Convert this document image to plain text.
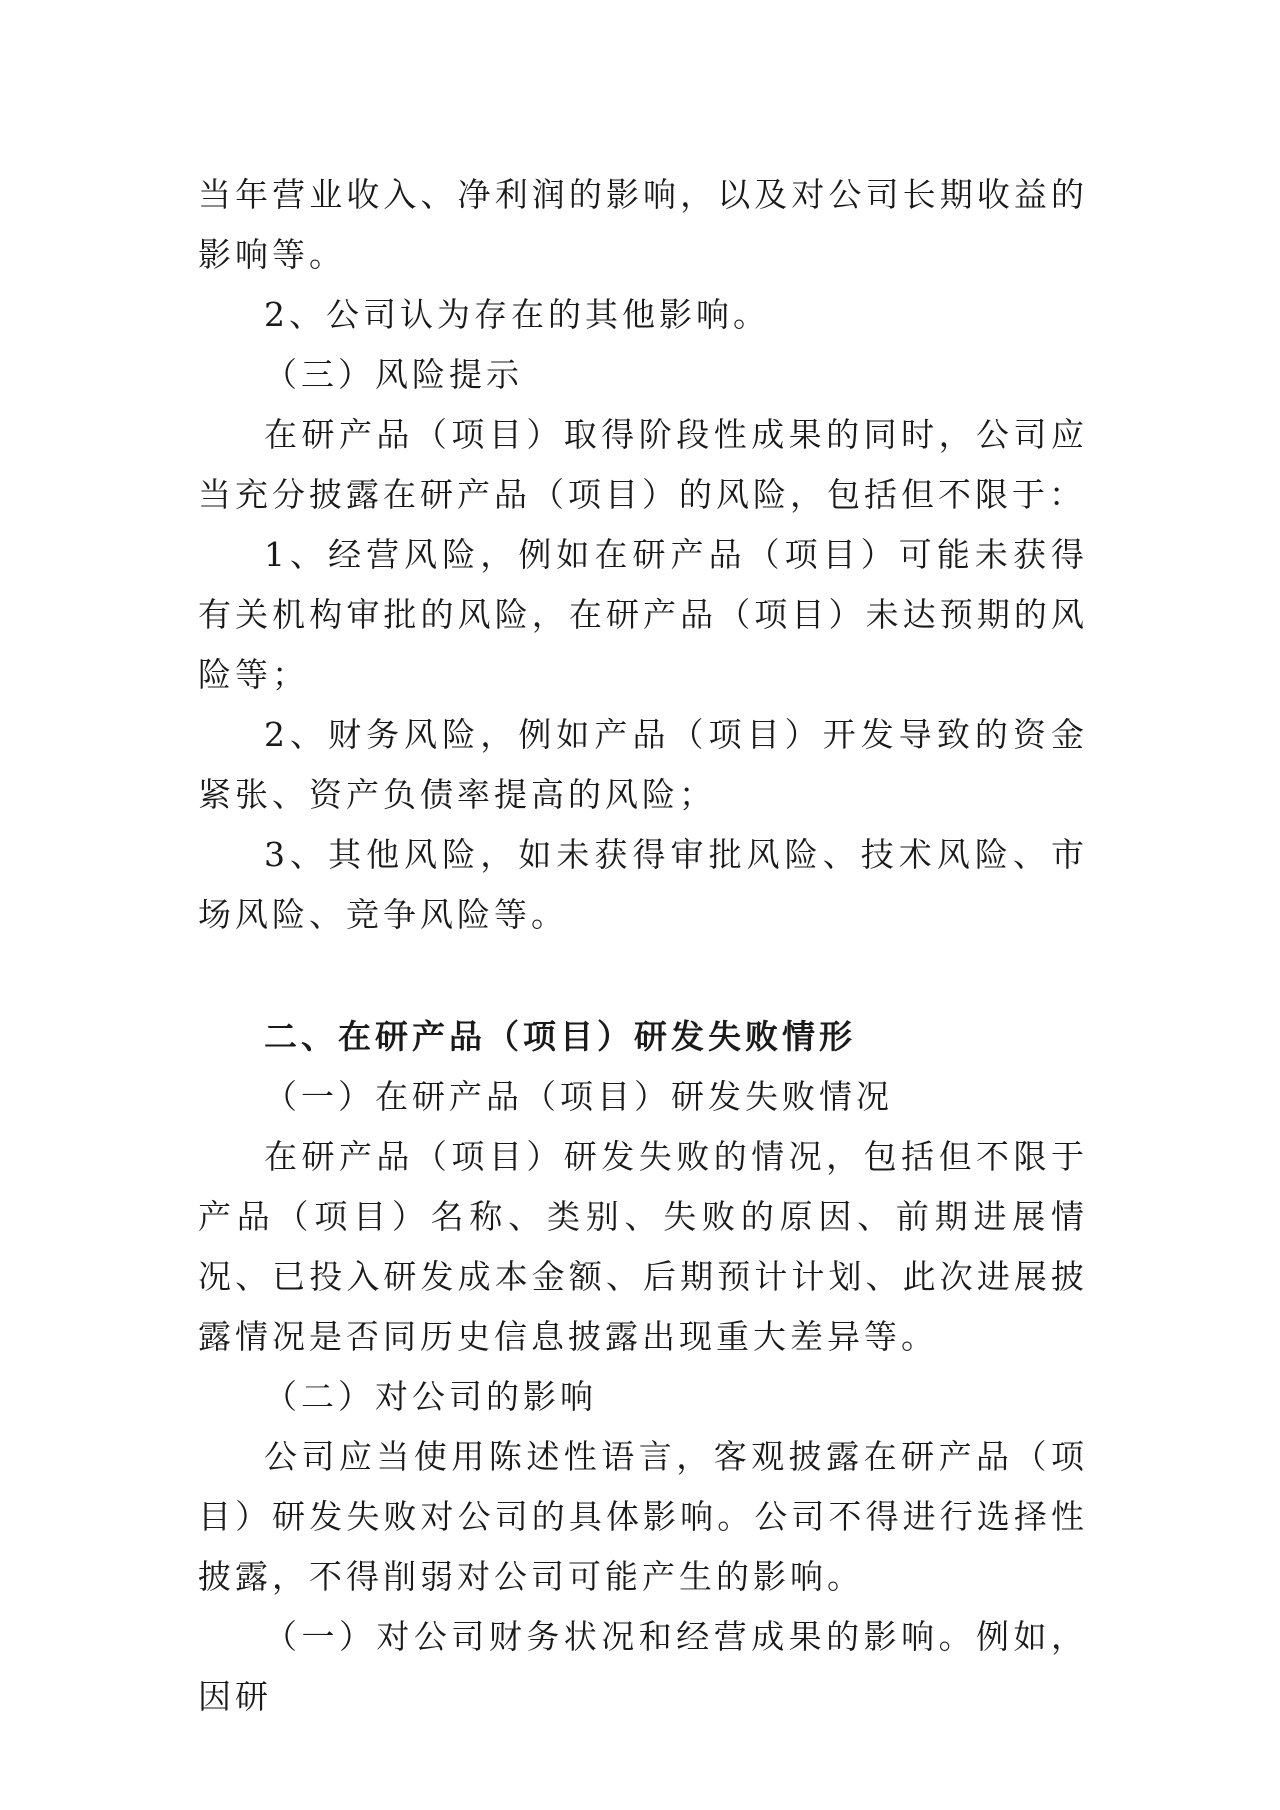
当年营业收入、净利润的影响，以及对公司长期收益的影响等。

2、公司认为存在的其他影响。

（三）风险提示

在研产品（项目）取得阶段性成果的同时，公司应当充分披露在研产品（项目）的风险，包括但不限于：

1、经营风险，例如在研产品（项目）可能未获得有关机构审批的风险，在研产品（项目）未达预期的风险等；

2、财务风险，例如产品（项目）开发导致的资金紧张、资产负债率提高的风险；

3、其他风险，如未获得审批风险、技术风险、市场风险、竞争风险等。

二、在研产品（项目）研发失败情形

（一）在研产品（项目）研发失败情况

在研产品（项目）研发失败的情况，包括但不限于产品（项目）名称、类别、失败的原因、前期进展情况、已投入研发成本金额、后期预计计划、此次进展披露情况是否同历史信息披露出现重大差异等。

（二）对公司的影响

公司应当使用陈述性语言，客观披露在研产品（项目）研发失败对公司的具体影响。公司不得进行选择性披露，不得削弱对公司可能产生的影响。

（一）对公司财务状况和经营成果的影响。例如，因研
